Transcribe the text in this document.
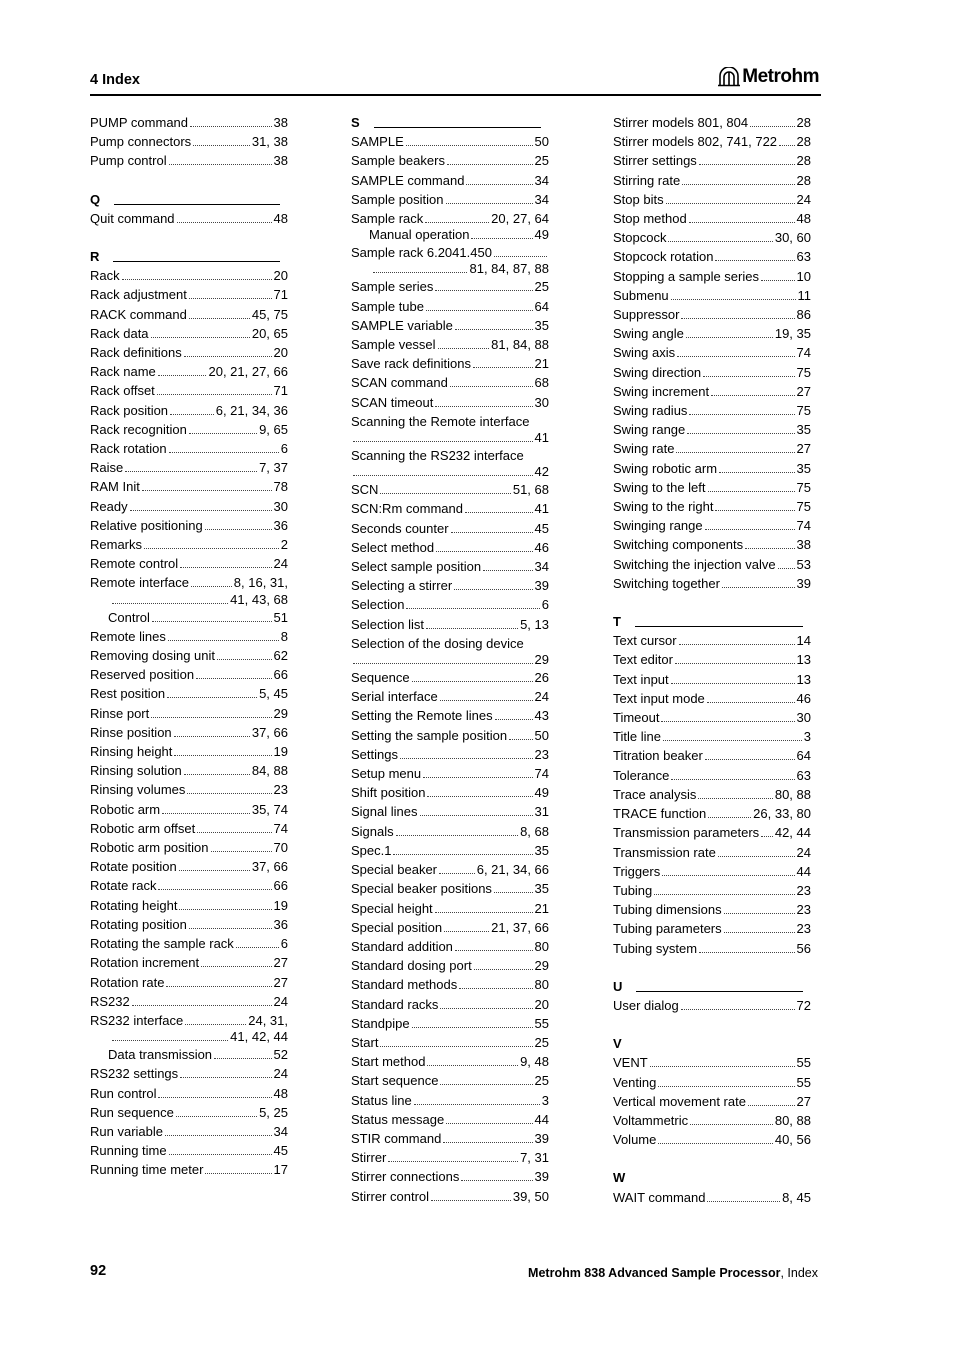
4 Index	Metrohm
PUMP command	38
Pump connectors	31, 38
Pump control	38
Q
Quit command	48
R
Rack	20
Rack adjustment	71
RACK command	45, 75
Rack data	20, 65
Rack definitions	20
Rack name	20, 21, 27, 66
Rack offset	71
Rack position	6, 21, 34, 36
Rack recognition	9, 65
Rack rotation	6
Raise	7, 37
RAM Init	78
Ready	30
Relative positioning	36
Remarks	2
Remote control	24
Remote interface	8, 16, 31,
41, 43, 68
Control	51
Remote lines	8
Removing dosing unit	62
Reserved position	66
Rest position	5, 45
Rinse port	29
Rinse position	37, 66
Rinsing height	19
Rinsing solution	84, 88
Rinsing volumes	23
Robotic arm	35, 74
Robotic arm offset	74
Robotic arm position	70
Rotate position	37, 66
Rotate rack	66
Rotating height	19
Rotating position	36
Rotating the sample rack	6
Rotation increment	27
Rotation rate	27
RS232	24
RS232 interface	24, 31,
41, 42, 44
Data transmission	52
RS232 settings	24
Run control	48
Run sequence	5, 25
Run variable	34
Running time	45
Running time meter	17
S
SAMPLE	50
Sample beakers	25
SAMPLE command	34
Sample position	34
Sample rack	20, 27, 64
Manual operation	49
Sample rack 6.2041.450
81, 84, 87, 88
Sample series	25
Sample tube	64
SAMPLE variable	35
Sample vessel	81, 84, 88
Save rack definitions	21
SCAN command	68
SCAN timeout	30
Scanning the Remote interface
41
Scanning the RS232 interface
42
SCN	51, 68
SCN:Rm command	41
Seconds counter	45
Select method	46
Select sample position	34
Selecting a stirrer	39
Selection	6
Selection list	5, 13
Selection of the dosing device
29
Sequence	26
Serial interface	24
Setting the Remote lines	43
Setting the sample position 50
Settings	23
Setup menu	74
Shift position	49
Signal lines	31
Signals	8, 68
Spec.1	35
Special beaker	6, 21, 34, 66
Special beaker positions	35
Special height	21
Special position	21, 37, 66
Standard addition	80
Standard dosing port	29
Standard methods	80
Standard racks	20
Standpipe	55
Start	25
Start method	9, 48
Start sequence	25
Status line	3
Status message	44
STIR command	39
Stirrer	7, 31
Stirrer connections	39
Stirrer control	39, 50
Stirrer models 801, 804	28
Stirrer models 802, 741, 722 28
Stirrer settings	28
Stirring rate	28
Stop bits	24
Stop method	48
Stopcock	30, 60
Stopcock rotation	63
Stopping a sample series	10
Submenu	11
Suppressor	86
Swing angle	19, 35
Swing axis	74
Swing direction	75
Swing increment	27
Swing radius	75
Swing range	35
Swing rate	27
Swing robotic arm	35
Swing to the left	75
Swing to the right	75
Swinging range	74
Switching components	38
Switching the injection valve 53
Switching together	39
T
Text cursor	14
Text editor	13
Text input	13
Text input mode	46
Timeout	30
Title line	3
Titration beaker	64
Tolerance	63
Trace analysis	80, 88
TRACE function	26, 33, 80
Transmission parameters 42, 44
Transmission rate	24
Triggers	44
Tubing	23
Tubing dimensions	23
Tubing parameters	23
Tubing system	56
U
User dialog	72
V
VENT	55
Venting	55
Vertical movement rate	27
Voltammetric	80, 88
Volume	40, 56
W
WAIT command	8, 45
92	Metrohm 838 Advanced Sample Processor, Index
